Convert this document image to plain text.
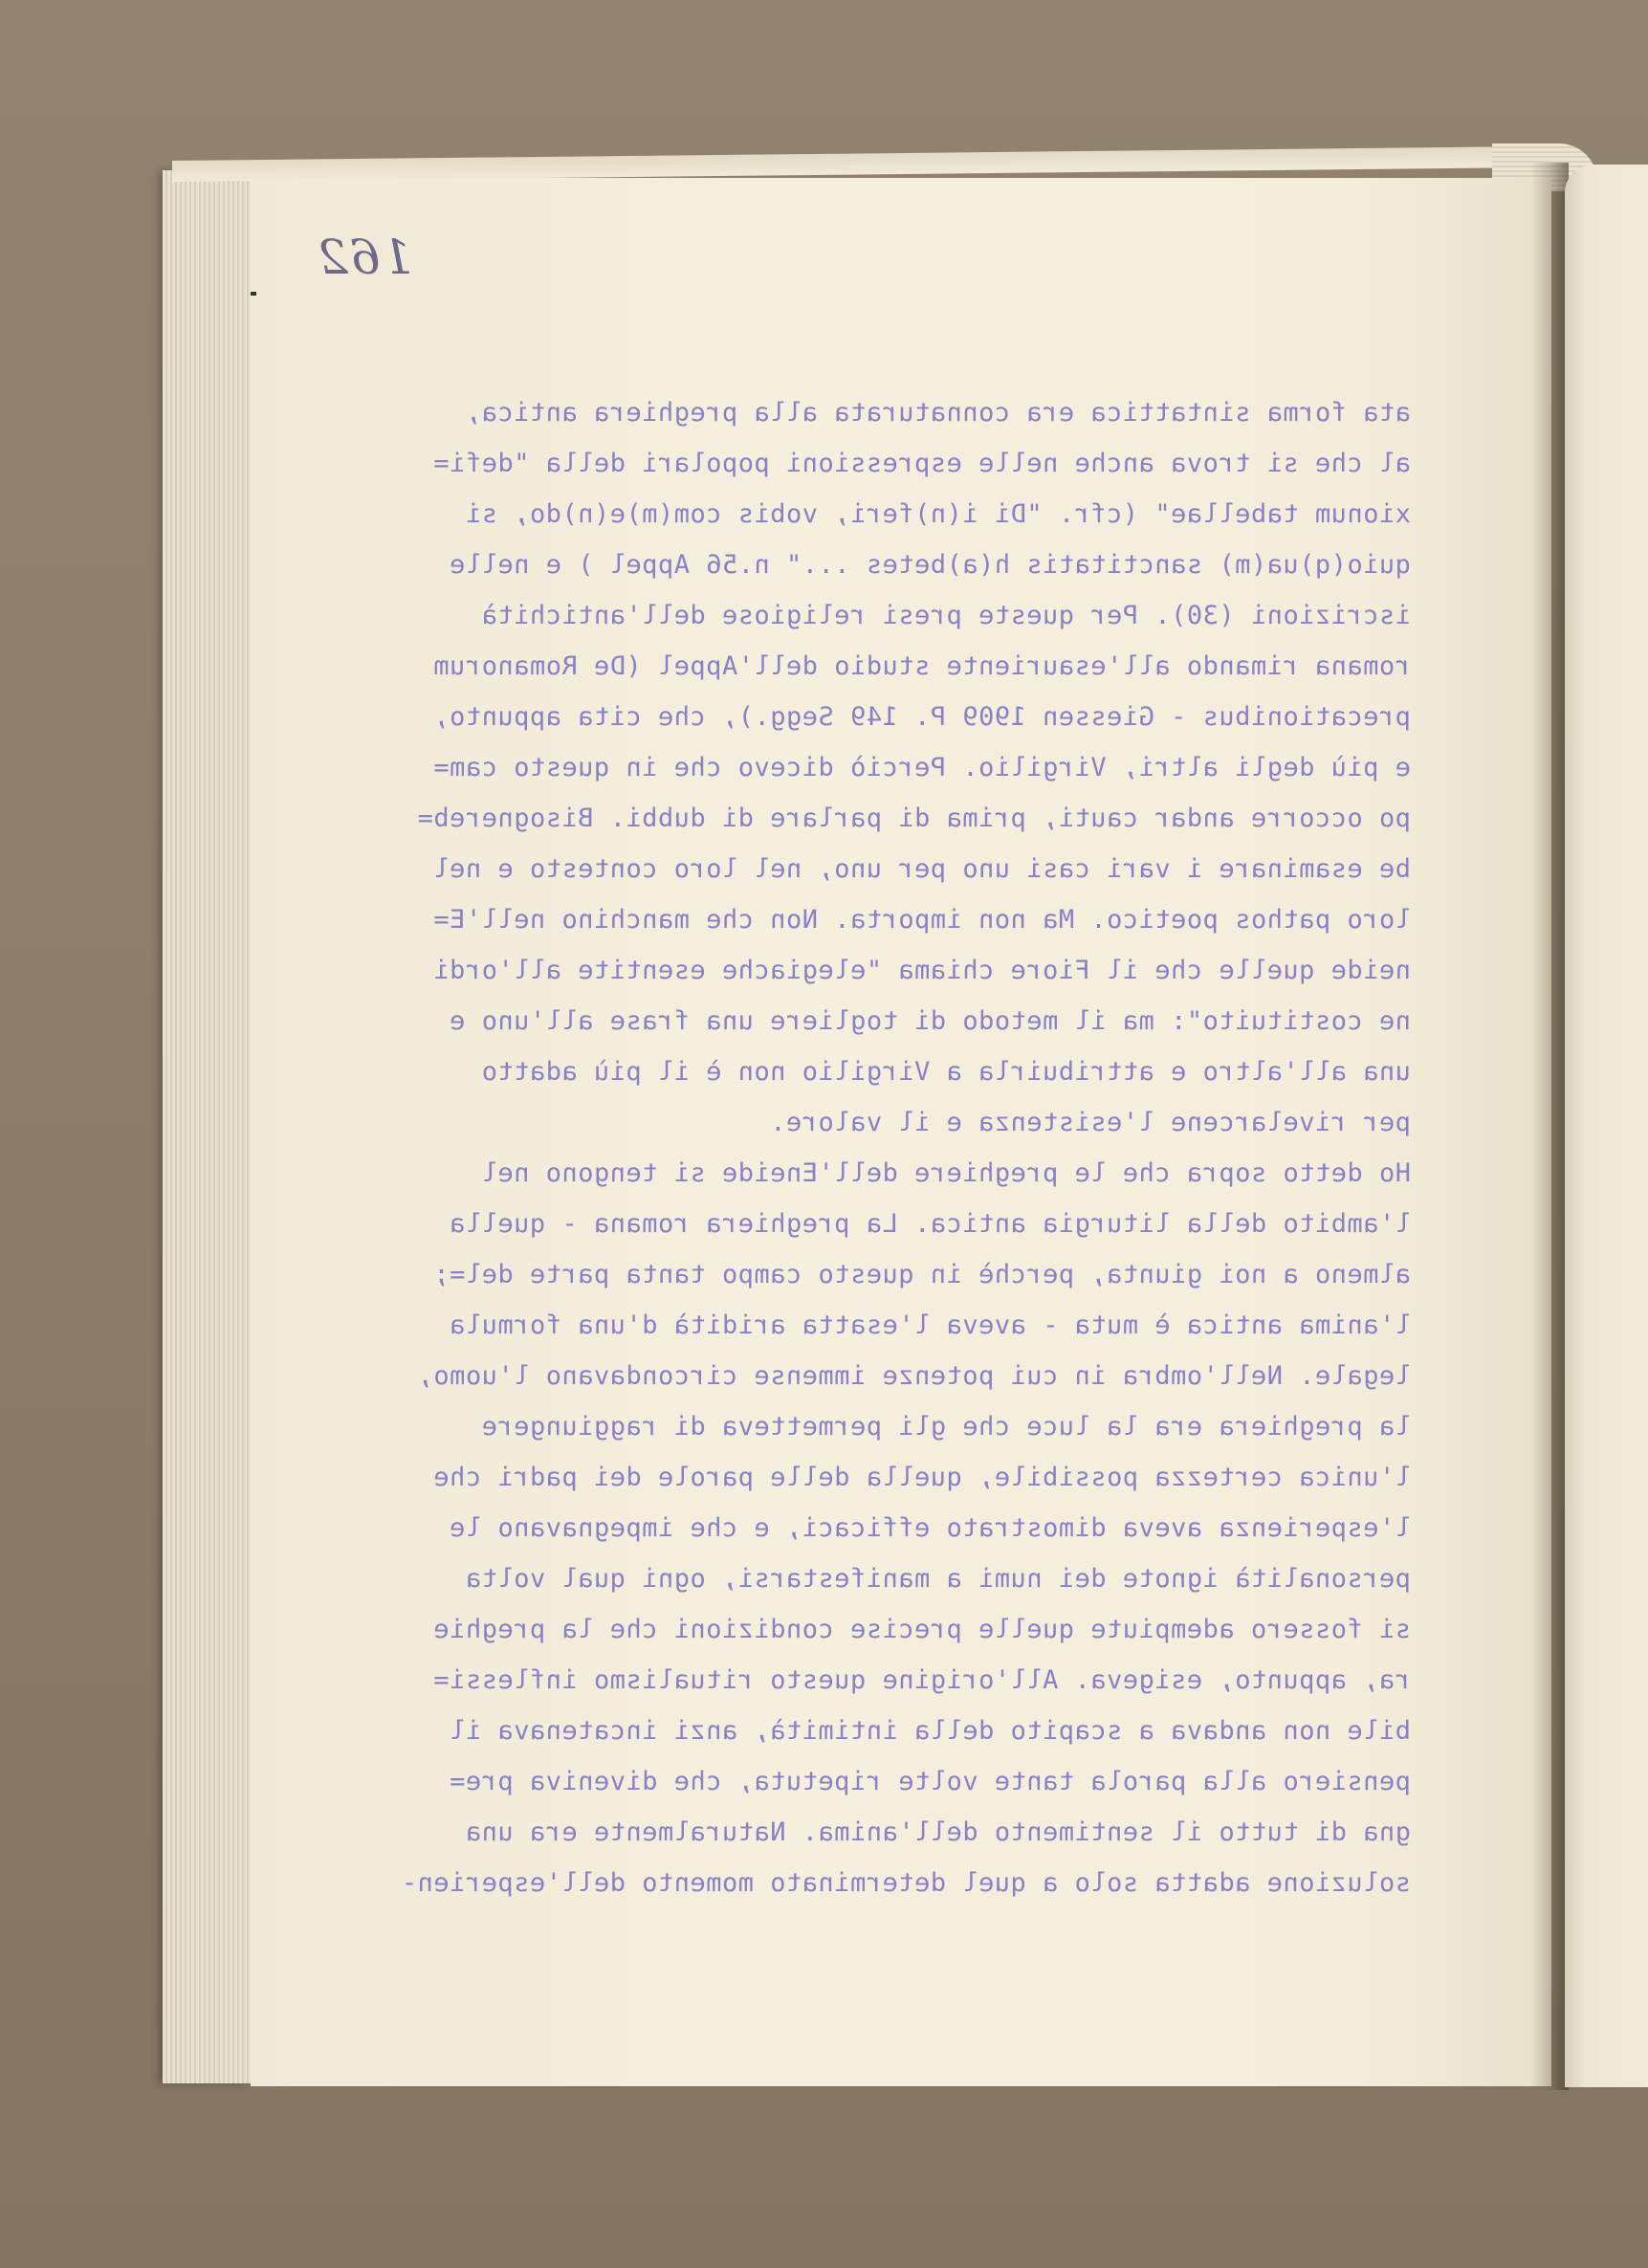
162
ata forma sintattica era connaturata alla preghiera antica,
al che si trova anche nelle espressioni popolari della "defi=
xionum tabellae" (cfr. "Di i(n)feri, vobis com(m)e(n)do, si
quio(q)ua(m) sanctitatis h(a)betes ..." n.56 Appel ) e nelle
iscrizioni (30). Per queste presi religiose dell'antichità
romana rimando all'esauriente studio dell'Appel (De Romanorum
precationibus - Giessen 1909 P. 149 Segg.), che cita appunto,
e più degli altri, Virgilio. Perciò dicevo che in questo cam=
po occorre andar cauti, prima di parlare di dubbi. Bisognereb=
be esaminare i vari casi uno per uno, nel loro contesto e nel
loro pathos poetico. Ma non importa. Non che manchino nell'E=
neide quelle che il Fiore chiama "elegiache esentite all'ordi
ne costituito": ma il metodo di togliere una frase all'uno e
una all'altro e attribuirla a Virgilio non è il più adatto
per rivelarcene l'esistenza e il valore.
Ho detto sopra che le preghiere dell'Eneide si tengono nel
l'ambito della liturgia antica. La preghiera romana - quella
almeno a noi giunta, perchè in questo campo tanta parte del=;
l'anima antica è muta - aveva l'esatta aridità d'una formula
legale. Nell'ombra in cui potenze immense circondavano l'uomo,
la preghiera era la luce che gli permetteva di raggiungere
l'unica certezza possibile, quella delle parole dei padri che
l'esperienza aveva dimostrato efficaci, e che impegnavano le
personalità ignote dei numi a manifestarsi, ogni qual volta
si fossero adempiute quelle precise condizioni che la preghie
ra, appunto, esigeva. All'origine questo ritualismo inflessi=
bile non andava a scapito della intimità, anzi incatenava il
pensiero alla parola tante volte ripetuta, che diveniva pre=
gna di tutto il sentimento dell'anima. Naturalmente era una
soluzione adatta solo a quel determinato momento dell'esperien-
